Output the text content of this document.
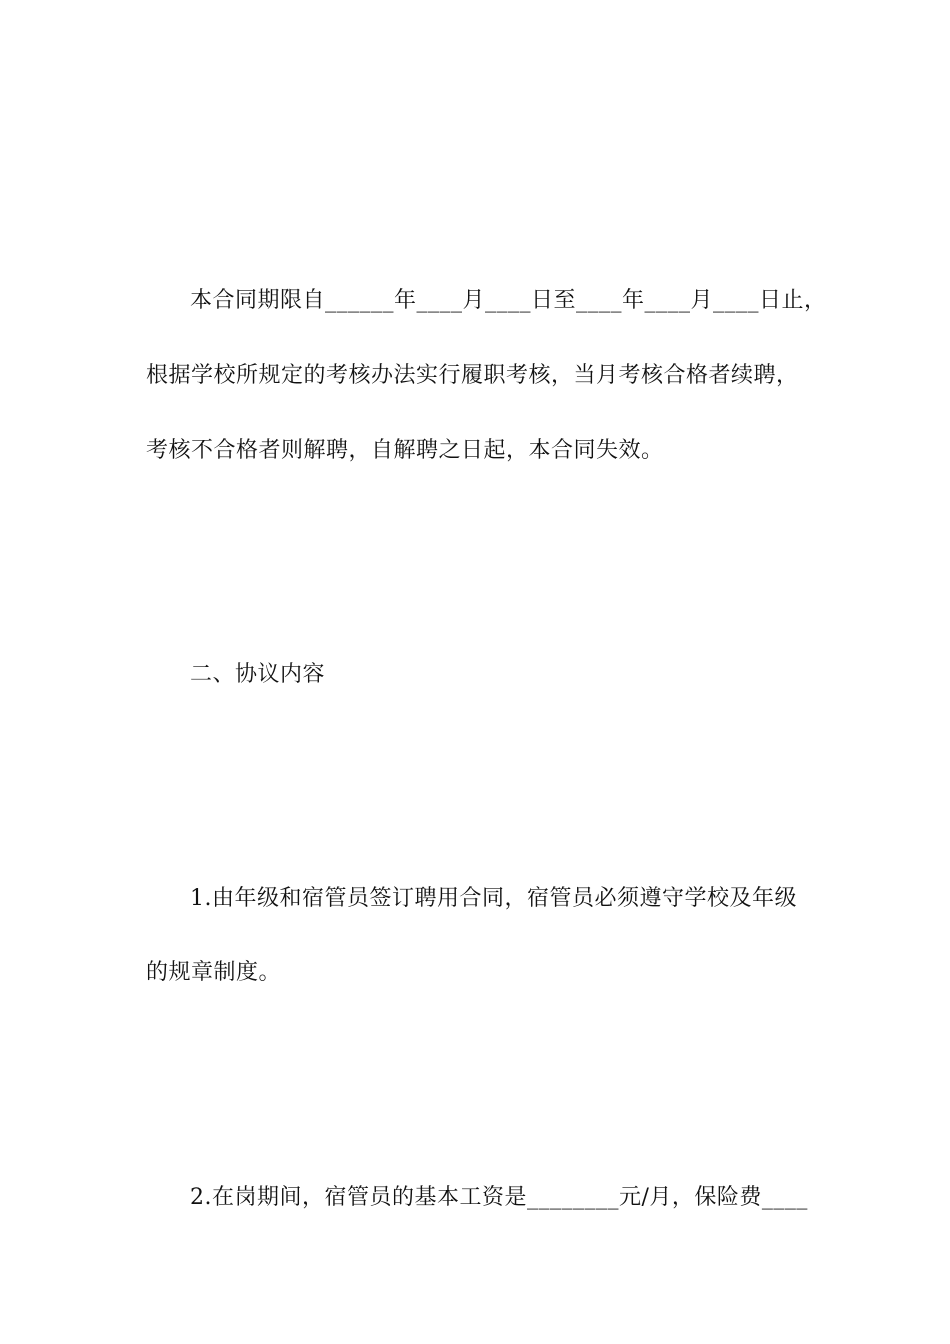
本合同期限自______年____月____日至____年____月____日止，
根据学校所规定的考核办法实行履职考核，当月考核合格者续聘，
考核不合格者则解聘，自解聘之日起，本合同失效。
二、协议内容
1.由年级和宿管员签订聘用合同，宿管员必须遵守学校及年级
的规章制度。
2.在岗期间，宿管员的基本工资是________元/月，保险费____
